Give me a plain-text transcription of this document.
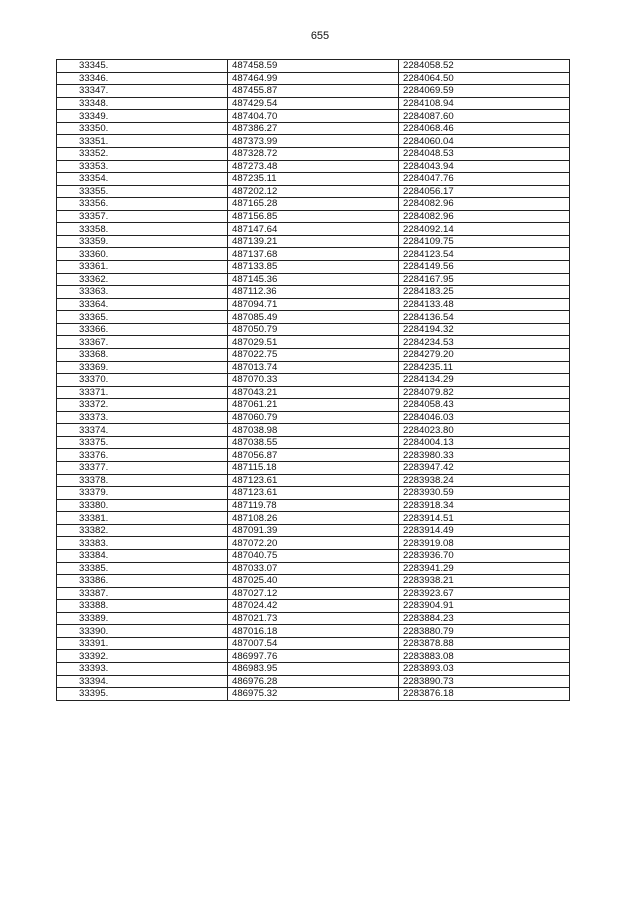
655
33345.	487458.59	2284058.52
33346.	487464.99	2284064.50
33347.	487455.87	2284069.59
33348.	487429.54	2284108.94
33349.	487404.70	2284087.60
33350.	487386.27	2284068.46
33351.	487373.99	2284060.04
33352.	487328.72	2284048.53
33353.	487273.48	2284043.94
33354.	487235.11	2284047.76
33355.	487202.12	2284056.17
33356.	487165.28	2284082.96
33357.	487156.85	2284082.96
33358.	487147.64	2284092.14
33359.	487139.21	2284109.75
33360.	487137.68	2284123.54
33361.	487133.85	2284149.56
33362.	487145.36	2284167.95
33363.	487112.36	2284183.25
33364.	487094.71	2284133.48
33365.	487085.49	2284136.54
33366.	487050.79	2284194.32
33367.	487029.51	2284234.53
33368.	487022.75	2284279.20
33369.	487013.74	2284235.11
33370.	487070.33	2284134.29
33371.	487043.21	2284079.82
33372.	487061.21	2284058.43
33373.	487060.79	2284046.03
33374.	487038.98	2284023.80
33375.	487038.55	2284004.13
33376.	487056.87	2283980.33
33377.	487115.18	2283947.42
33378.	487123.61	2283938.24
33379.	487123.61	2283930.59
33380.	487119.78	2283918.34
33381.	487108.26	2283914.51
33382.	487091.39	2283914.49
33383.	487072.20	2283919.08
33384.	487040.75	2283936.70
33385.	487033.07	2283941.29
33386.	487025.40	2283938.21
33387.	487027.12	2283923.67
33388.	487024.42	2283904.91
33389.	487021.73	2283884.23
33390.	487016.18	2283880.79
33391.	487007.54	2283878.88
33392.	486997.76	2283883.08
33393.	486983.95	2283893.03
33394.	486976.28	2283890.73
33395.	486975.32	2283876.18
